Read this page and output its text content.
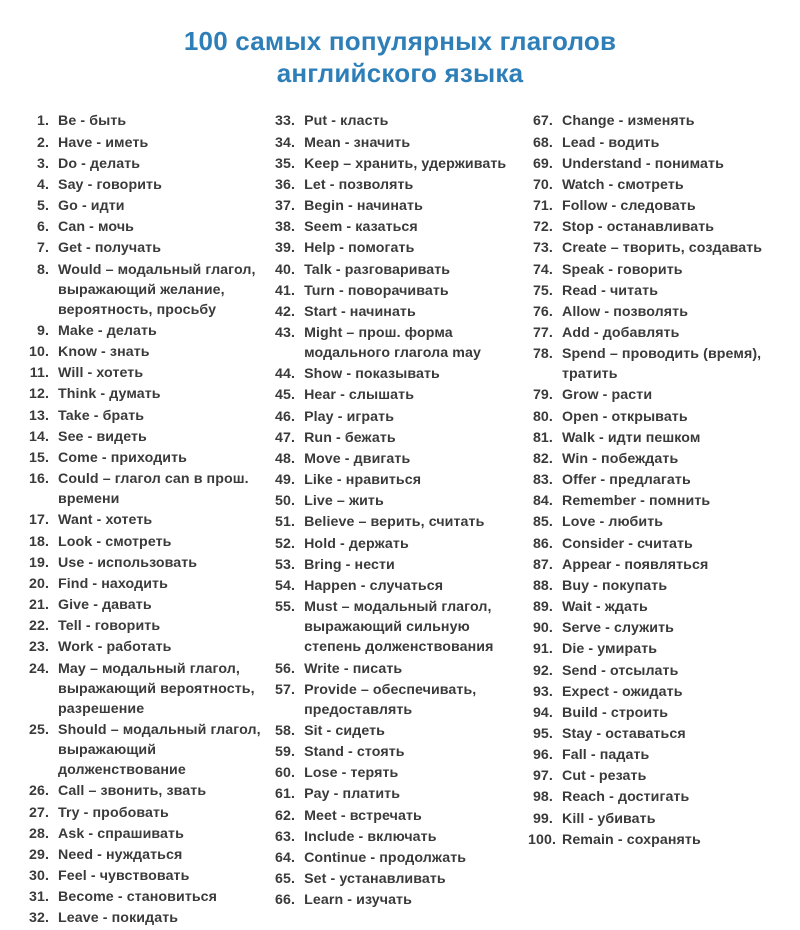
100 самых популярных глаголов
английского языка
1. Be - быть
2. Have - иметь
3. Do - делать
4. Say - говорить
5. Go - идти
6. Can - мочь
7. Get - получать
8. Would – модальный глагол, выражающий желание, вероятность, просьбу
9. Make - делать
10. Know - знать
11. Will - хотеть
12. Think - думать
13. Take - брать
14. See - видеть
15. Come - приходить
16. Could – глагол can в прош. времени
17. Want - хотеть
18. Look - смотреть
19. Use - использовать
20. Find - находить
21. Give - давать
22. Tell - говорить
23. Work - работать
24. May – модальный глагол, выражающий вероятность, разрешение
25. Should – модальный глагол, выражающий долженствование
26. Call – звонить, звать
27. Try - пробовать
28. Ask - спрашивать
29. Need - нуждаться
30. Feel - чувствовать
31. Become - становиться
32. Leave - покидать
33. Put - класть
34. Mean - значить
35. Keep – хранить, удерживать
36. Let - позволять
37. Begin - начинать
38. Seem - казаться
39. Help - помогать
40. Talk - разговаривать
41. Turn - поворачивать
42. Start - начинать
43. Might – прош. форма модального глагола may
44. Show - показывать
45. Hear - слышать
46. Play - играть
47. Run - бежать
48. Move - двигать
49. Like - нравиться
50. Live – жить
51. Believe – верить, считать
52. Hold - держать
53. Bring - нести
54. Happen - случаться
55. Must – модальный глагол, выражающий сильную степень долженствования
56. Write - писать
57. Provide – обеспечивать, предоставлять
58. Sit - сидеть
59. Stand - стоять
60. Lose - терять
61. Pay - платить
62. Meet - встречать
63. Include - включать
64. Continue - продолжать
65. Set - устанавливать
66. Learn - изучать
67. Change - изменять
68. Lead - водить
69. Understand - понимать
70. Watch - смотреть
71. Follow - следовать
72. Stop - останавливать
73. Create – творить, создавать
74. Speak - говорить
75. Read - читать
76. Allow - позволять
77. Add - добавлять
78. Spend – проводить (время), тратить
79. Grow - расти
80. Open - открывать
81. Walk - идти пешком
82. Win - побеждать
83. Offer - предлагать
84. Remember - помнить
85. Love - любить
86. Consider - считать
87. Appear - появляться
88. Buy - покупать
89. Wait - ждать
90. Serve - служить
91. Die - умирать
92. Send - отсылать
93. Expect - ожидать
94. Build - строить
95. Stay - оставаться
96. Fall - падать
97. Cut - резать
98. Reach - достигать
99. Kill - убивать
100. Remain - сохранять
